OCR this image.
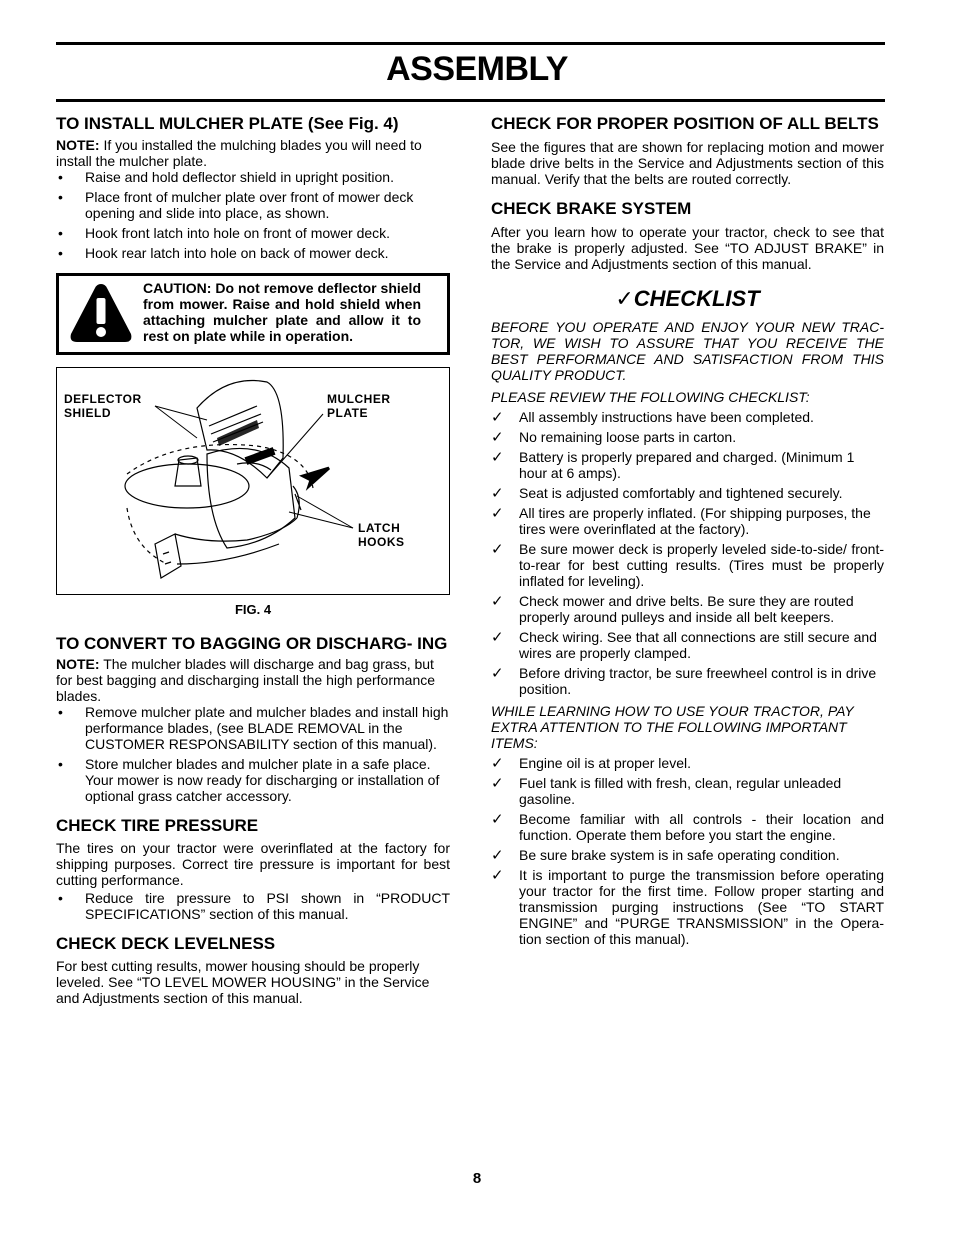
ASSEMBLY
TO INSTALL MULCHER PLATE (See Fig. 4)

NOTE: If you installed the mulching blades you will need to install the mulcher plate.

• Raise and hold deflector shield in upright position.
• Place front of mulcher plate over front of mower deck opening and slide into place, as shown.
• Hook front latch into hole on front of mower deck.
• Hook rear latch into hole on back of mower deck.
CAUTION: Do not remove deflector shield from mower. Raise and hold shield when attaching mulcher plate and allow it to rest on plate while in operation.
DEFLECTOR SHIELD
MULCHER PLATE
LATCH HOOKS
FIG. 4
TO CONVERT TO BAGGING OR DISCHARG- ING

NOTE: The mulcher blades will discharge and bag grass, but for best bagging and discharging install the high performance blades.

• Remove mulcher plate and mulcher blades and install high performance blades, (see BLADE REMOVAL in the CUSTOMER RESPONSABILITY section of this manual).
• Store mulcher blades and mulcher plate in a safe place. Your mower is now ready for discharging or installation of optional grass catcher accessory.
CHECK TIRE PRESSURE

The tires on your tractor were overinflated at the factory for shipping purposes. Correct tire pressure is important for best cutting performance.

• Reduce tire pressure to PSI shown in “PRODUCT SPECIFICATIONS” section of this manual.
CHECK DECK LEVELNESS

For best cutting results, mower housing should be properly leveled. See “TO LEVEL MOWER HOUSING” in the Service and Adjustments section of this manual.

CHECK FOR PROPER POSITION OF ALL BELTS

See the figures that are shown for replacing motion and mower blade drive belts in the Service and Adjustments section of this manual. Verify that the belts are routed correctly.

CHECK BRAKE SYSTEM

After you learn how to operate your tractor, check to see that the brake is properly adjusted. See “TO ADJUST BRAKE” in the Service and Adjustments section of this manual.

✓CHECKLIST

BEFORE YOU OPERATE AND ENJOY YOUR NEW TRAC- TOR, WE WISH TO ASSURE THAT YOU RECEIVE THE BEST PERFORMANCE AND SATISFACTION FROM THIS QUALITY PRODUCT.

PLEASE REVIEW THE FOLLOWING CHECKLIST:

✓ All assembly instructions have been completed.
✓ No remaining loose parts in carton.
✓ Battery is properly prepared and charged. (Minimum 1 hour at 6 amps).
✓ Seat is adjusted comfortably and tightened securely.
✓ All tires are properly inflated. (For shipping purposes, the tires were overinflated at the factory).
✓ Be sure mower deck is properly leveled side-to-side/ front-to-rear for best cutting results. (Tires must be properly inflated for leveling).
✓ Check mower and drive belts. Be sure they are routed properly around pulleys and inside all belt keepers.
✓ Check wiring. See that all connections are still secure and wires are properly clamped.
✓ Before driving tractor, be sure freewheel control is in drive position.

WHILE LEARNING HOW TO USE YOUR TRACTOR, PAY EXTRA ATTENTION TO THE FOLLOWING IMPORTANT ITEMS:

✓ Engine oil is at proper level.
✓ Fuel tank is filled with fresh, clean, regular unleaded gasoline.
✓ Become familiar with all controls - their location and function. Operate them before you start the engine.
✓ Be sure brake system is in safe operating condition.
✓ It is important to purge the transmission before operating your tractor for the first time. Follow proper starting and transmission purging instructions (See “TO START ENGINE” and “PURGE TRANSMISSION” in the Opera- tion section of this manual).
8
